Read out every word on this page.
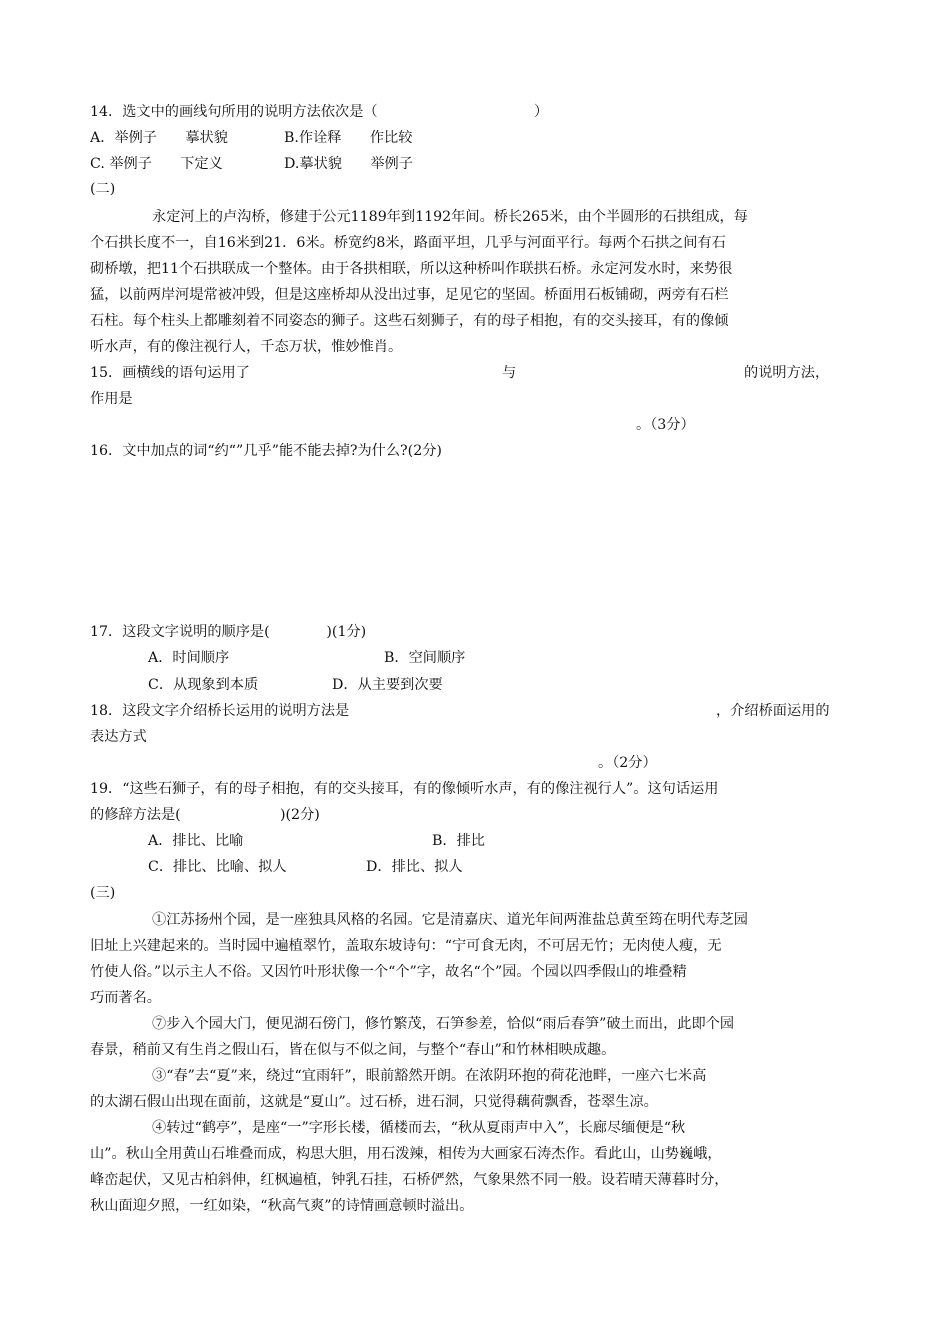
14．选文中的画线句所用的说明方法依次是（	）
A．举例子　　摹状貌	B.作诠释　　作比较
C. 举例子　　下定义	D.摹状貌　　举例子
(二)
永定河上的卢沟桥，修建于公元1189年到1192年间。桥长265米，由个半圆形的石拱组成，每
个石拱长度不一，自16米到21．6米。桥宽约8米，路面平坦，几乎与河面平行。每两个石拱之间有石
砌桥墩，把11个石拱联成一个整体。由于各拱相联，所以这种桥叫作联拱石桥。永定河发水时，来势很
猛，以前两岸河堤常被冲毁，但是这座桥却从没出过事，足见它的坚固。桥面用石板铺砌，两旁有石栏
石柱。每个柱头上都雕刻着不同姿态的狮子。这些石刻狮子，有的母子相抱，有的交头接耳，有的像倾
听水声，有的像注视行人，千态万状，惟妙惟肖。
15．画横线的语句运用了	与	的说明方法，
作用是
。（3分）
16．文中加点的词“约“”几乎”能不能去掉?为什么?(2分)
17．这段文字说明的顺序是(　　　　)(1分)
A．时间顺序	B．空间顺序
C．从现象到本质	D．从主要到次要
18．这段文字介绍桥长运用的说明方法是	，介绍桥面运用的
表达方式
。（2分）
19．“这些石狮子，有的母子相抱，有的交头接耳，有的像倾听水声，有的像注视行人”。这句话运用
的修辞方法是(　　　　　　　)(2分)
A．排比、比喻	B．排比
C．排比、比喻、拟人	D．排比、拟人
(三)
①江苏扬州个园，是一座独具风格的名园。它是清嘉庆、道光年间两淮盐总黄至筠在明代寿芝园
旧址上兴建起来的。当时园中遍植翠竹，盖取东坡诗句：“宁可食无肉，不可居无竹；无肉使人瘦，无
竹使人俗。”以示主人不俗。又因竹叶形状像一个“个”字，故名“个”园。个园以四季假山的堆叠精
巧而著名。
⑦步入个园大门，便见湖石傍门，修竹繁茂，石笋参差，恰似“雨后春笋”破土而出，此即个园
春景，稍前又有生肖之假山石，皆在似与不似之间，与整个“春山”和竹林相映成趣。
③“春”去“夏”来，绕过“宜雨轩”，眼前豁然开朗。在浓阴环抱的荷花池畔，一座六七米高
的太湖石假山出现在面前，这就是“夏山”。过石桥，进石洞，只觉得藕荷飘香，苍翠生凉。
④转过“鹤亭”，是座“一”字形长楼，循楼而去，“秋从夏雨声中入”，长廊尽缅便是“秋
山”。秋山全用黄山石堆叠而成，构思大胆，用石泼辣，相传为大画家石涛杰作。看此山，山势巍峨，
峰峦起伏，又见古柏斜伸，红枫遍植，钟乳石挂，石桥俨然，气象果然不同一般。设若晴天薄暮时分，
秋山面迎夕照，一红如染，“秋高气爽”的诗情画意顿时溢出。
